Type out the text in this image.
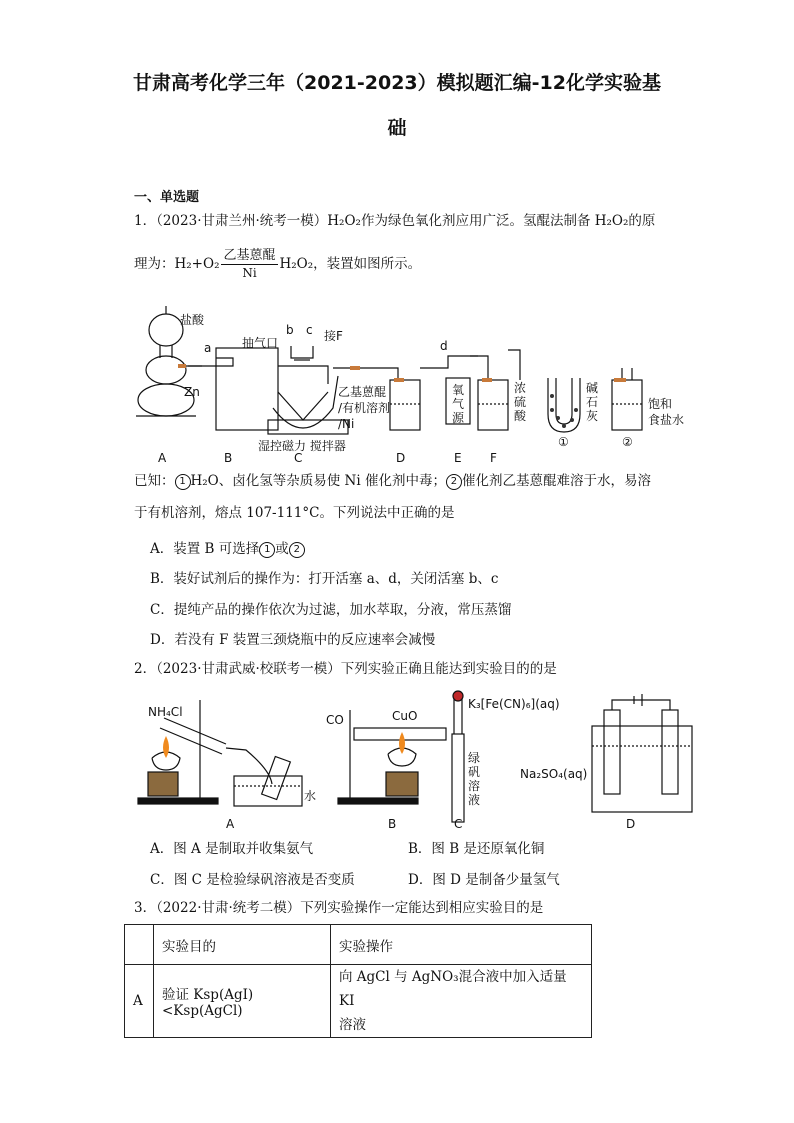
甘肃高考化学三年（2021-2023）模拟题汇编-12化学实验基
础
一、单选题
1．（2023·甘肃兰州·统考一模）H₂O₂作为绿色氧化剂应用广泛。氢醌法制备 H₂O₂的原
理为：$H_2+O_2 \frac{\text{乙基蒽醌}}{Ni} H_2O_2$，装置如图所示。
盐酸
Zn
a
b c 接F
d
抽气口
乙基蒽醌
/有机溶剂
/Ni
湿控磁力 搅拌器
氧
气
源
浓
硫
酸
碱
石
灰
饱和
食盐水
①	②
A	B	C	D	E F
已知： 1 H₂O、卤化氢等杂质易使 Ni 催化剂中毒； 2 催化剂乙基蒽醌难溶于水，易溶
于有机溶剂，熔点 107-111°C。下列说法中正确的是
A．装置 B 可选择 1 或 2
B．装好试剂后的操作为：打开活塞 a、d，关闭活塞 b、c
C．提纯产品的操作依次为过滤，加水萃取，分液，常压蒸馏
D．若没有 F 装置三颈烧瓶中的反应速率会减慢
2．（2023·甘肃武威·校联考一模）下列实验正确且能达到实验目的的是
NH₄Cl
水
CO	CuO
K₃[Fe(CN)₆](aq)
绿
矾
溶
液
Na₂SO₄(aq)
A	B	C	D
A．图 A 是制取并收集氨气	B．图 B 是还原氧化铜
C．图 C 是检验绿矾溶液是否变质	D．图 D 是制备少量氢气
3．（2022·甘肃·统考二模）下列实验操作一定能达到相应实验目的是
	实验目的	实验操作
A	验证 Ksp(AgI)<Ksp(AgCl)	向 AgCl 与 AgNO₃混合液中加入适量 KI
溶液
